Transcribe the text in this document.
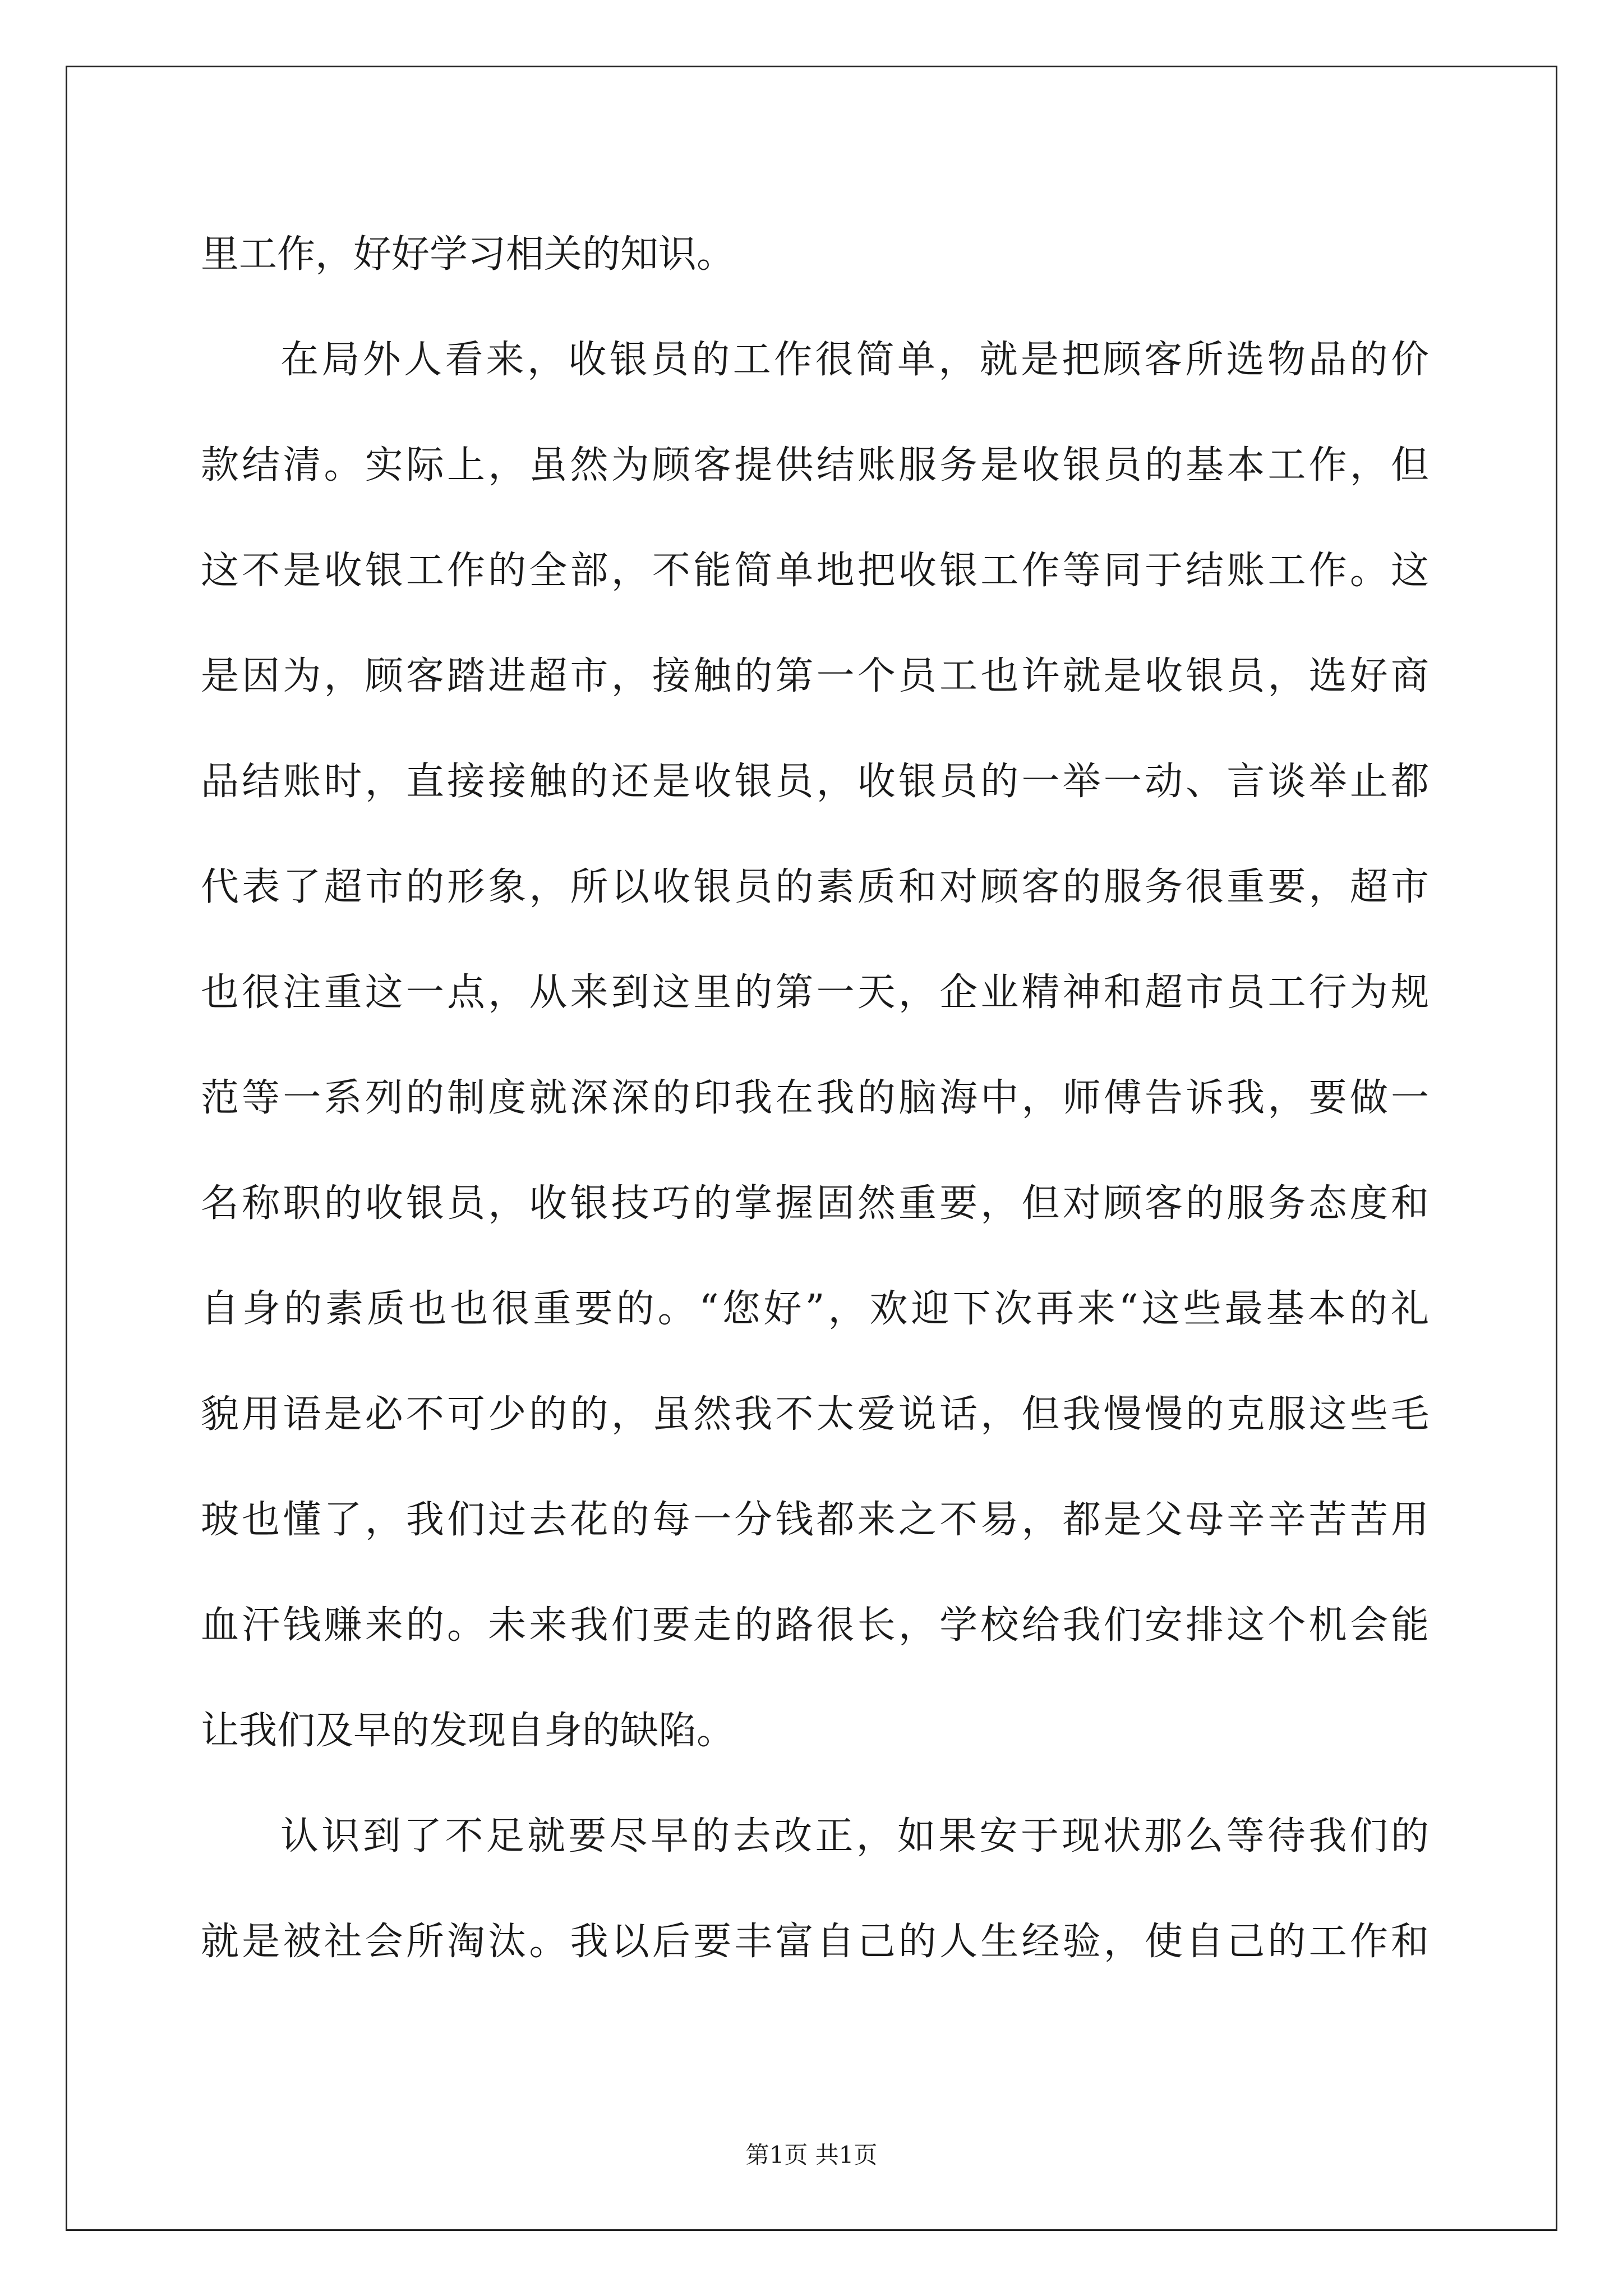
里工作，好好学习相关的知识。
在局外人看来，收银员的工作很简单，就是把顾客所选物品的价
款结清。实际上，虽然为顾客提供结账服务是收银员的基本工作，但
这不是收银工作的全部，不能简单地把收银工作等同于结账工作。这
是因为，顾客踏进超市，接触的第一个员工也许就是收银员，选好商
品结账时，直接接触的还是收银员，收银员的一举一动、言谈举止都
代表了超市的形象，所以收银员的素质和对顾客的服务很重要，超市
也很注重这一点，从来到这里的第一天，企业精神和超市员工行为规
范等一系列的制度就深深的印我在我的脑海中，师傅告诉我，要做一
名称职的收银员，收银技巧的掌握固然重要，但对顾客的服务态度和
自身的素质也也很重要的。“您好”，欢迎下次再来“这些最基本的礼
貌用语是必不可少的的，虽然我不太爱说话，但我慢慢的克服这些毛
玻也懂了，我们过去花的每一分钱都来之不易，都是父母辛辛苦苦用
血汗钱赚来的。未来我们要走的路很长，学校给我们安排这个机会能
让我们及早的发现自身的缺陷。
认识到了不足就要尽早的去改正，如果安于现状那么等待我们的
就是被社会所淘汰。我以后要丰富自己的人生经验，使自己的工作和
第1页 共1页
